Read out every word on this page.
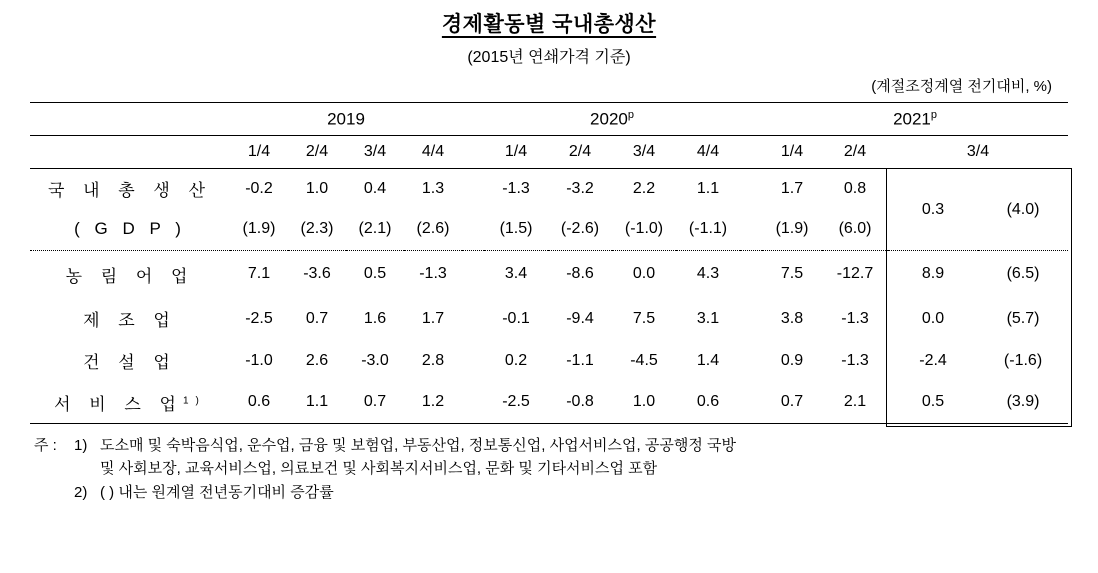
경제활동별 국내총생산
(2015년 연쇄가격 기준)
(계절조정계열 전기대비, %)
	2019					2020$^p$					2021$^p$
	1/4	2/4	3/4	4/4		1/4	2/4	3/4	4/4		1/4	2/4	3/4	
국 내 총 생 산	-0.2	1.0	0.4	1.3		-1.3	-3.2	2.2	1.1		1.7	0.8	0.3	(4.0)
( G D P )	(1.9)	(2.3)	(2.1)	(2.6)		(1.5)	(-2.6)	(-1.0)	(-1.1)		(1.9)	(6.0)		
농 림 어 업	7.1	-3.6	0.5	-1.3		3.4	-8.6	0.0	4.3		7.5	-12.7	8.9	(6.5)
제 조 업	-2.5	0.7	1.6	1.7		-0.1	-9.4	7.5	3.1		3.8	-1.3	0.0	(5.7)
건 설 업	-1.0	2.6	-3.0	2.8		0.2	-1.1	-4.5	1.4		0.9	-1.3	-2.4	(-1.6)
서 비 스 업$^{1)}$	0.6	1.1	0.7	1.2		-2.5	-0.8	1.0	0.6		0.7	2.1	0.5	(3.9)
주 :	1) 도소매 및 숙박음식업, 운수업, 금융 및 보험업, 부동산업, 정보통신업, 사업서비스업, 공공행정 국방
및 사회보장, 교육서비스업, 의료보건 및 사회복지서비스업, 문화 및 기타서비스업 포함
2) ( ) 내는 원계열 전년동기대비 증감률
